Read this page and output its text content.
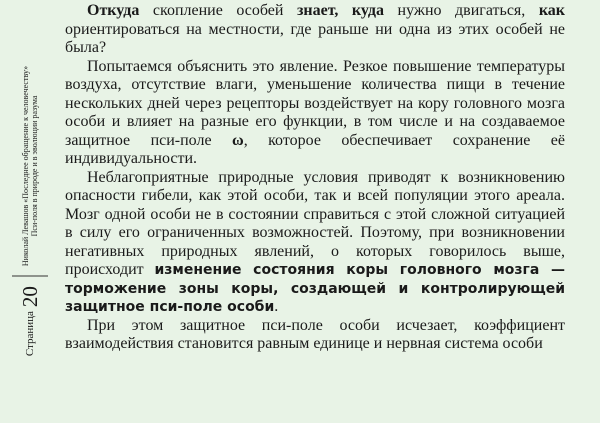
Страница
20
Николай Левашов «Последнее обращение к человечеству» Пси-поля в природе и в эволюции разума

Откуда скопление особей знает, куда нужно двигаться, как ориентироваться на местности, где раньше ни одна из этих особей не была?

Попытаемся объяснить это явление. Резкое повышение температуры воздуха, отсутствие влаги, уменьшение количества пищи в течение нескольких дней через рецепторы воздействует на кору головного мозга особи и влияет на разные его функции, в том числе и на создаваемое защитное пси-поле ω, которое обеспечивает сохранение её индивидуальности.

Неблагоприятные природные условия приводят к возникновению опасности гибели, как этой особи, так и всей популяции этого ареала. Мозг одной особи не в состоянии справиться с этой сложной ситуацией в силу его ограниченных возможностей. Поэтому, при возникновении негативных природных явлений, о которых говорилось выше, происходит изменение состояния коры головного мозга — торможение зоны коры, создающей и контролирующей защитное пси-поле особи.

При этом защитное пси-поле особи исчезает, коэффициент взаимодействия становится равным единице и нервная система особи
